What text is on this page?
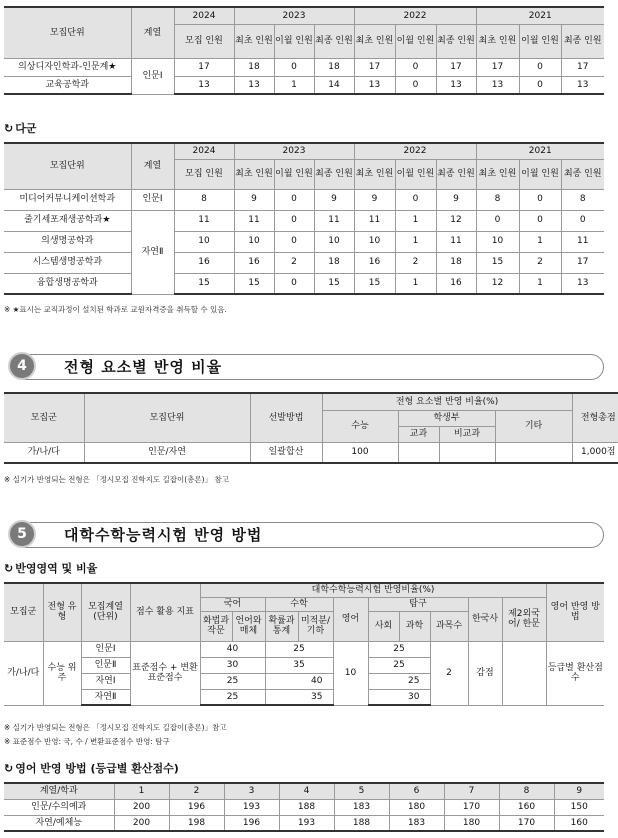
모집단위	계열	2024	2023			2022			2021		
		모집 인원	최초 인원	이월 인원	최종 인원	최초 인원	이월 인원	최종 인원	최초 인원	이월 인원	최종 인원
의상디자인학과-인문계★	인문Ⅰ	17	18	0	18	17	0	17	17	0	17
교육공학과		13	13	1	14	13	0	13	13	0	13
↻ 다군
모집단위	계열	2024	2023			2022			2021		
		모집 인원	최초 인원	이월 인원	최종 인원	최초 인원	이월 인원	최종 인원	최초 인원	이월 인원	최종 인원
미디어커뮤니케이션학과	인문Ⅰ	8	9	0	9	9	0	9	8	0	8
줄기세포재생공학과★	자연Ⅱ	11	11	0	11	11	1	12	0	0	0
의생명공학과		10	10	0	10	10	1	11	10	1	11
시스템생명공학과		16	16	2	18	16	2	18	15	2	17
융합생명공학과		15	15	0	15	15	1	16	12	1	13
※ ★표시는 교직과정이 설치된 학과로 교원자격증을 취득할 수 있음.
4	전형 요소별 반영 비율
모집군	모집단위	선발방법	전형 요소별 반영 비율(%)				전형총점
			수능	학생부		기타	
				교과	비교과		
가/나/다	인문/자연	일괄합산	100				1,000점
※ 실기가 반영되는 전형은 「정시모집 진학지도 길잡이(총론)」 참고
5	대학수학능력시험 반영 방법
↻ 반영영역 및 비율
모집군	전형 유형	모집계열 (단위)	점수 활용 지표	대학수학능력시험 반영비율(%)										영어 반영 방법
				국어		수학		영어	탐구			한국사	제2외국어/ 한문	
				화법과 작문	언어와 매체	확률과 통계	미적분/ 기하		사회	과학	과목수			
가/나/다	수능 위주	인문Ⅰ	표준점수 + 변환표준점수	40		25		10	25		2	감점		등급별 환산점수
		인문Ⅱ		30		35			25					
		자연Ⅰ		25		40			25					
		자연Ⅱ		25		35			30					
※ 실기가 반영되는 전형은 「정시모집 진학지도 길잡이(총론)」참고
※ 표준점수 반영: 국, 수 / 변환표준점수 반영: 탐구
↻ 영어 반영 방법 (등급별 환산점수)
계열/학과	1	2	3	4	5	6	7	8	9
인문/수의예과	200	196	193	188	183	180	170	160	150
자연/예체능	200	198	196	193	188	183	180	170	160
